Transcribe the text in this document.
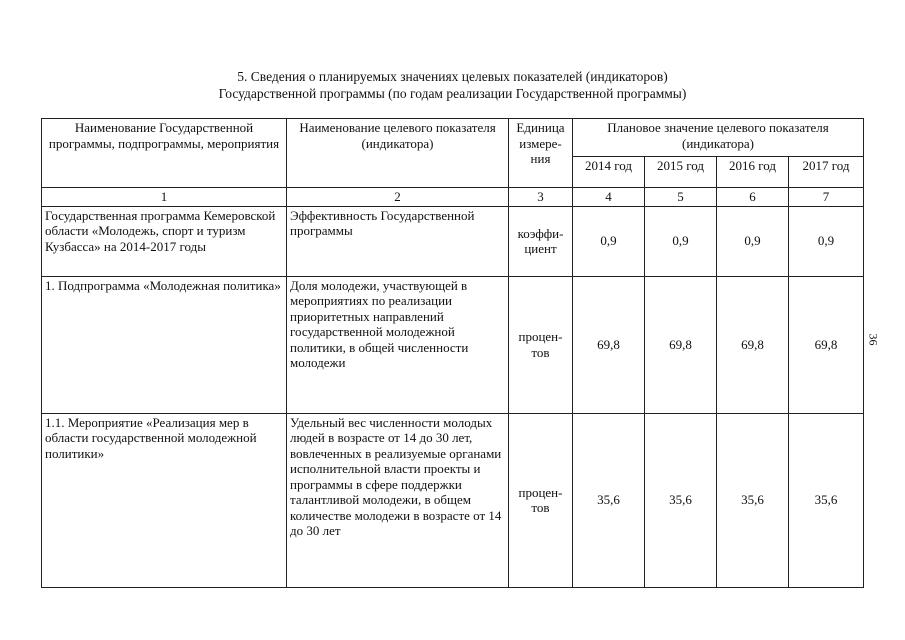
5. Сведения о планируемых значениях целевых показателей (индикаторов)
Государственной программы (по годам реализации Государственной программы)
36
Наименование Государственной программы, подпрограммы, мероприятия	Наименование целевого показателя (индикатора)	Единица измере-ния	Плановое значение целевого показателя (индикатора)			
			2014 год	2015 год	2016 год	2017 год
1	2	3	4	5	6	7
Государственная программа Кемеровской области «Молодежь, спорт и туризм Кузбасса» на 2014-2017 годы	Эффективность Государственной программы	коэффи-циент	0,9	0,9	0,9	0,9
1. Подпрограмма «Молодежная политика»	Доля молодежи, участвующей в мероприятиях по реализации приоритетных направлений государственной молодежной политики, в общей численности молодежи	процен-тов	69,8	69,8	69,8	69,8
1.1. Мероприятие «Реализация мер в области государственной молодежной политики»	Удельный вес численности молодых людей в возрасте от 14 до 30 лет, вовлеченных в реализуемые органами исполнительной власти проекты и программы в сфере поддержки талантливой молодежи, в общем количестве молодежи в возрасте от 14 до 30 лет	процен-тов	35,6	35,6	35,6	35,6
